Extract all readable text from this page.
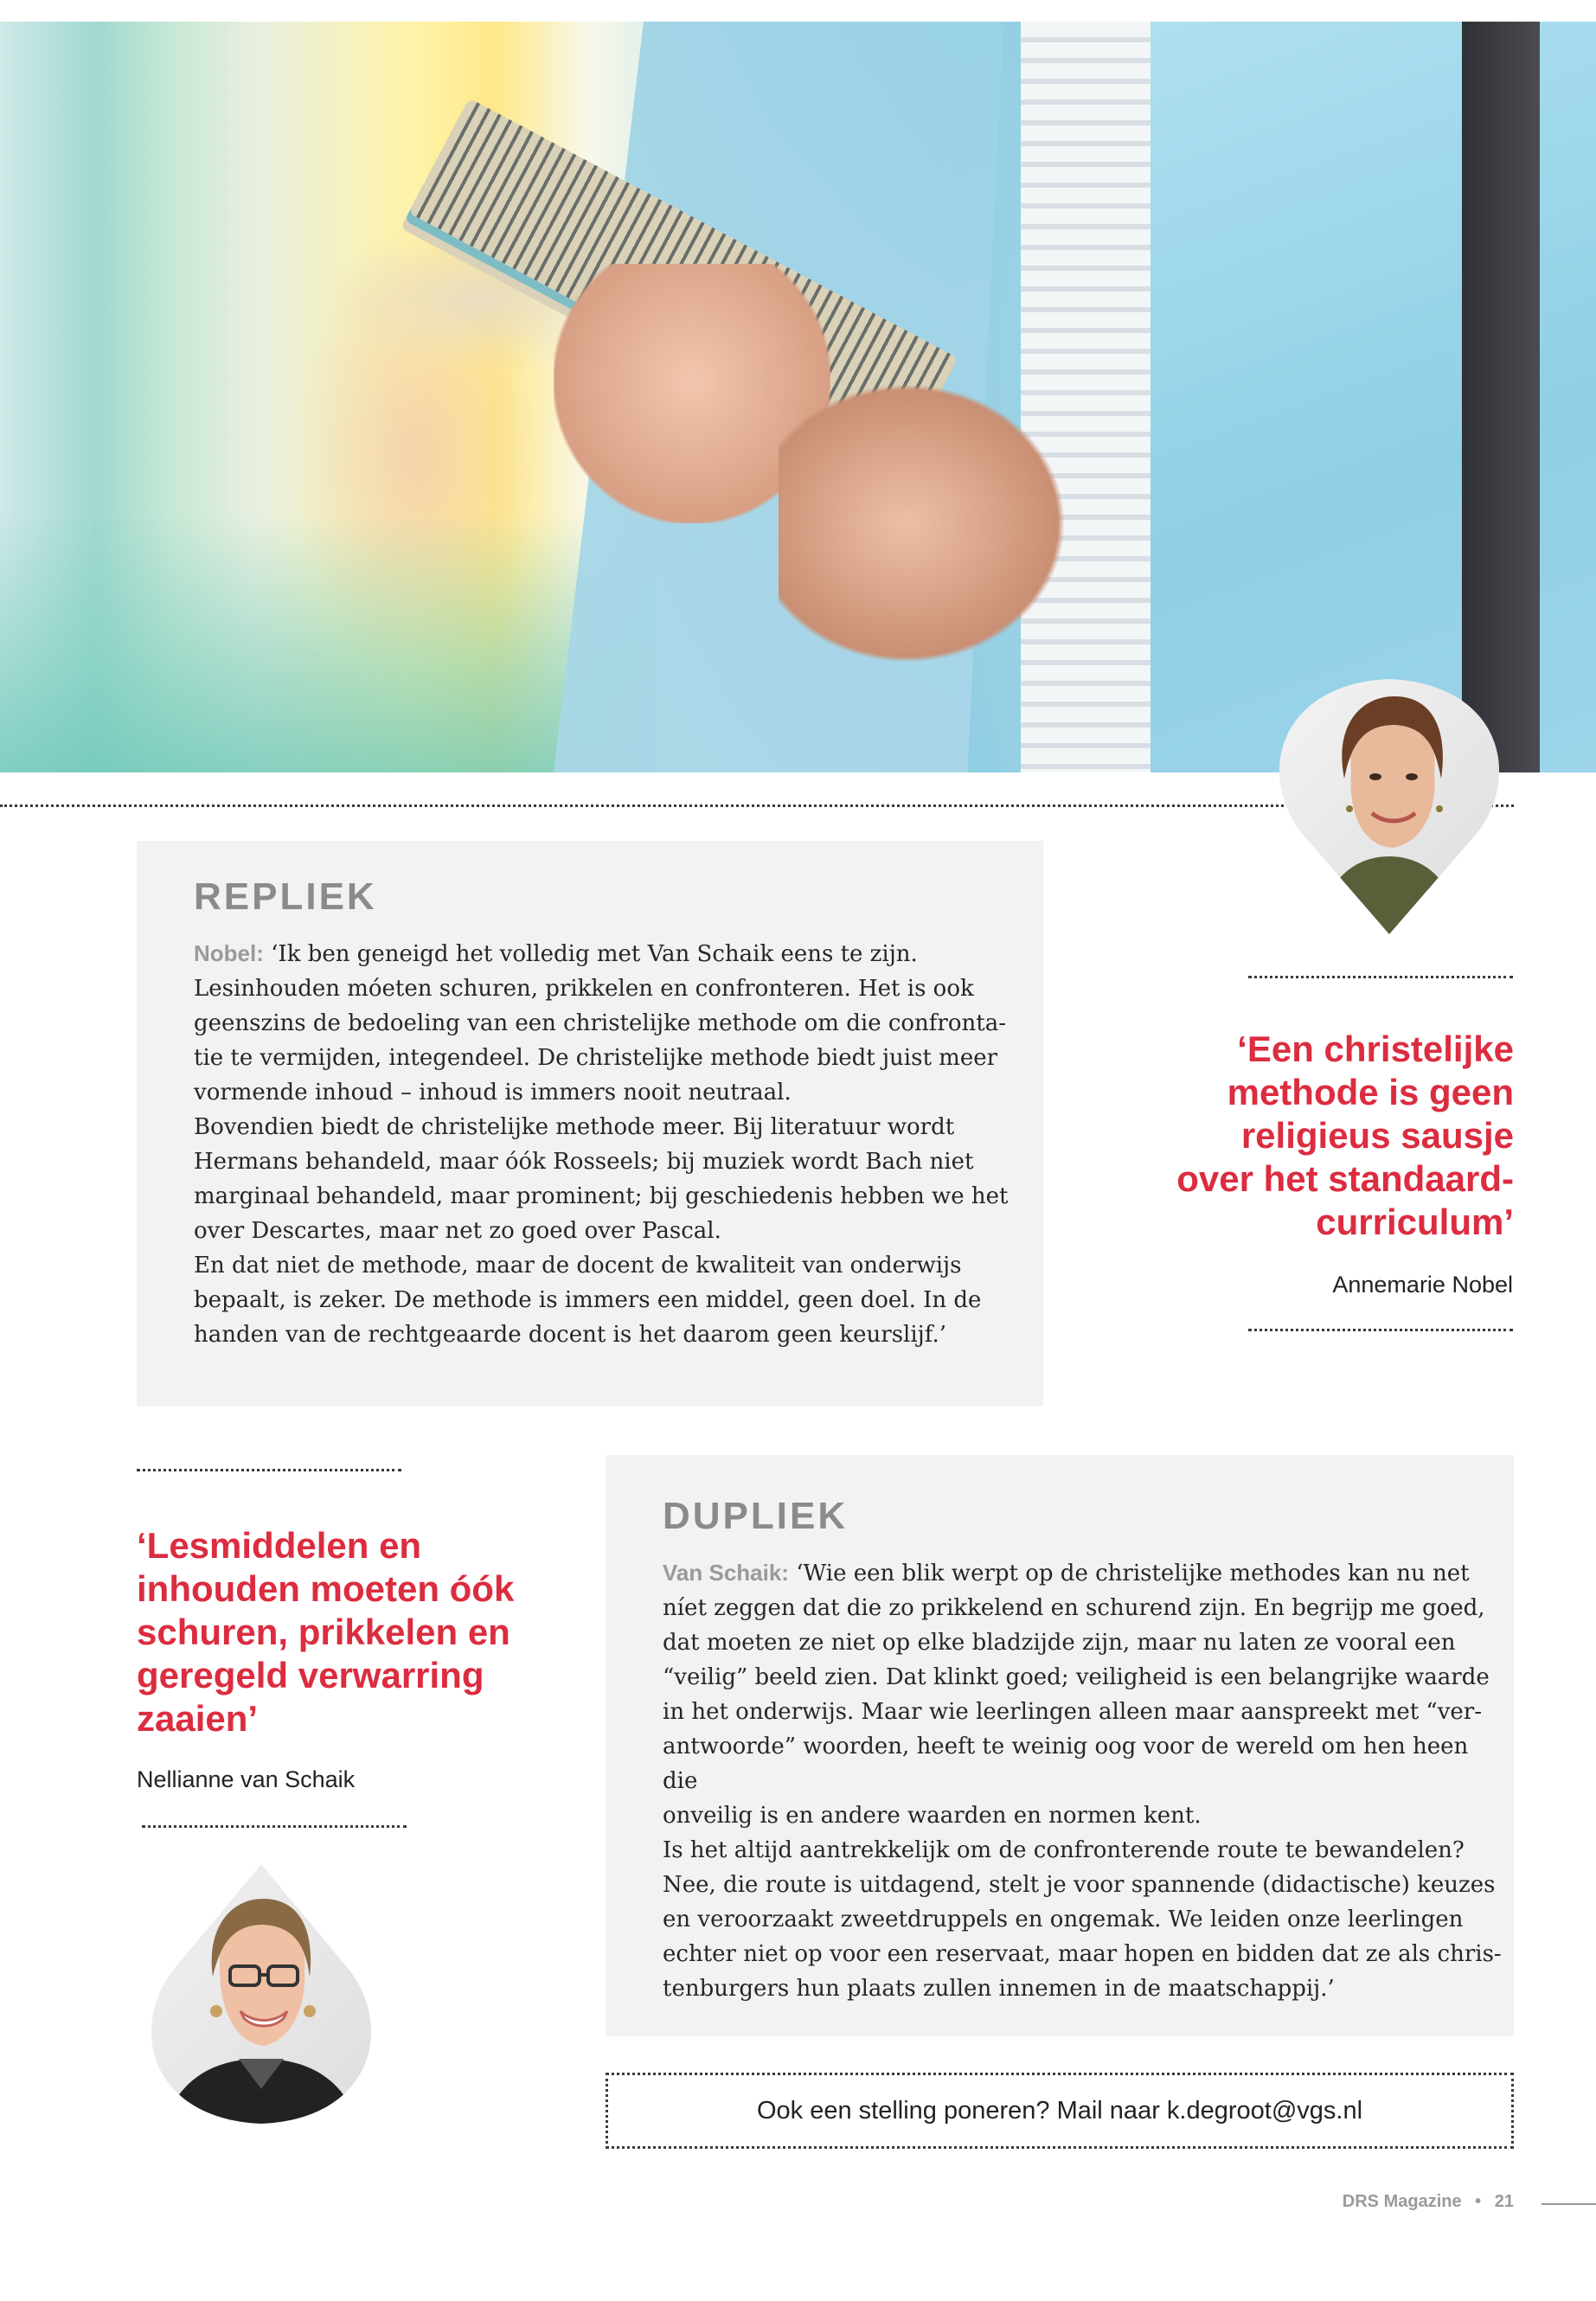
REPLIEK

Nobel: ‘Ik ben geneigd het volledig met Van Schaik eens te zijn.

Lesinhouden móeten schuren, prikkelen en confronteren. Het is ook

geenszins de bedoeling van een christelijke methode om die confronta-

tie te vermijden, integendeel. De christelijke methode biedt juist meer

vormende inhoud – inhoud is immers nooit neutraal.

Bovendien biedt de christelijke methode meer. Bij literatuur wordt

Hermans behandeld, maar óók Rosseels; bij muziek wordt Bach niet

marginaal behandeld, maar prominent; bij geschiedenis hebben we het

over Descartes, maar net zo goed over Pascal.

En dat niet de methode, maar de docent de kwaliteit van onderwijs

bepaalt, is zeker. De methode is immers een middel, geen doel. In de

handen van de rechtgeaarde docent is het daarom geen keurslijf.’

‘Een christelijke

methode is geen

religieus sausje

over het standaard-

curriculum’

Annemarie Nobel

‘Lesmiddelen en

inhouden moeten óók

schuren, prikkelen en

geregeld verwarring

zaaien’

Nellianne van Schaik
DUPLIEK

Van Schaik: ‘Wie een blik werpt op de christelijke methodes kan nu net

níet zeggen dat die zo prikkelend en schurend zijn. En begrijp me goed,

dat moeten ze niet op elke bladzijde zijn, maar nu laten ze vooral een

“veilig” beeld zien. Dat klinkt goed; veiligheid is een belangrijke waarde

in het onderwijs. Maar wie leerlingen alleen maar aanspreekt met “ver-

antwoorde” woorden, heeft te weinig oog voor de wereld om hen heen die

onveilig is en andere waarden en normen kent.

Is het altijd aantrekkelijk om de confronterende route te bewandelen?

Nee, die route is uitdagend, stelt je voor spannende (didactische) keuzes

en veroorzaakt zweetdruppels en ongemak. We leiden onze leerlingen

echter niet op voor een reservaat, maar hopen en bidden dat ze als chris-

tenburgers hun plaats zullen innemen in de maatschappij.’

Ook een stelling poneren? Mail naar k.degroot@vgs.nl
DRS Magazine • 21
